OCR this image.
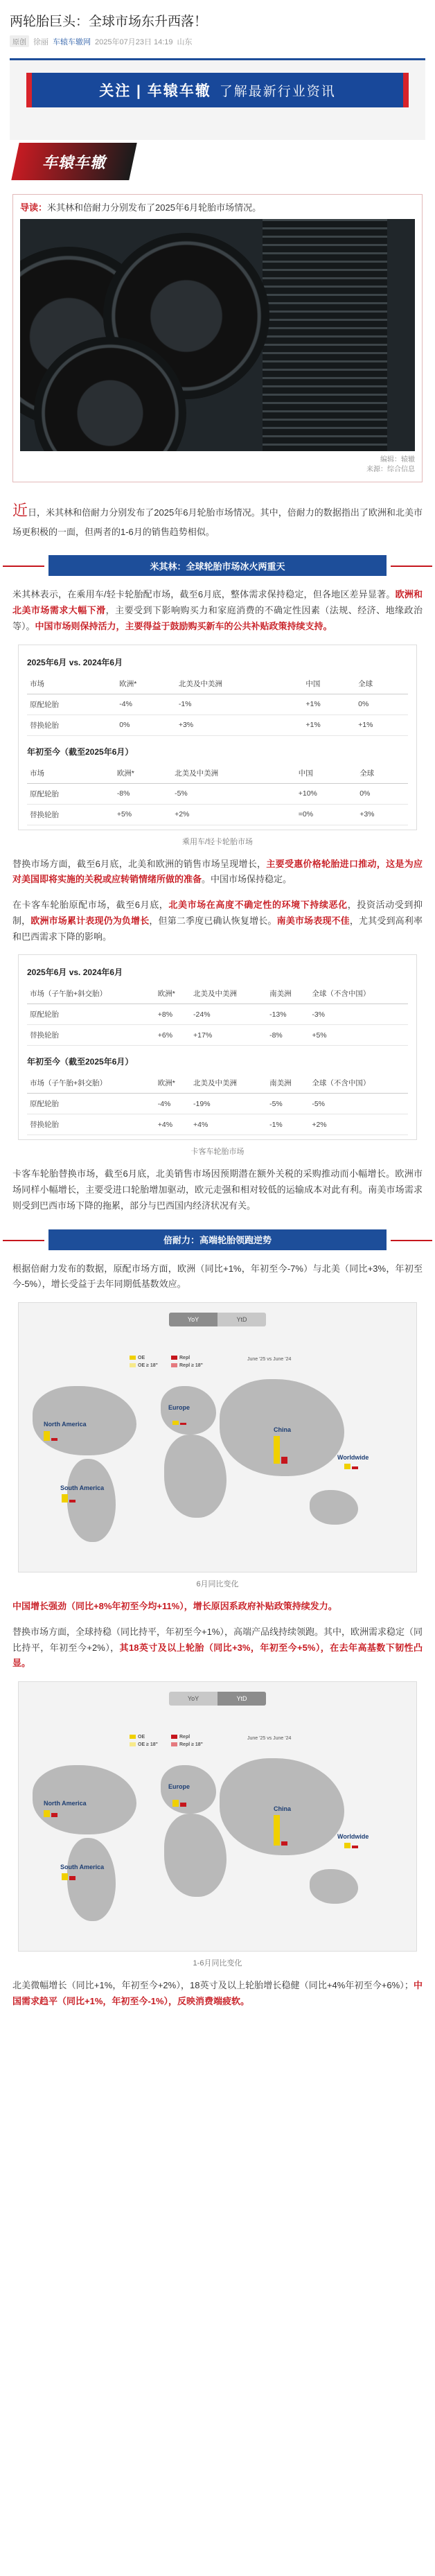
两轮胎巨头：全球市场东升西落！
原创 徐丽 车辕车辙网 2025年07月23日 14:19 山东
关注 | 车辕车辙 了解最新行业资讯
车辕车辙

导读：米其林和倍耐力分别发布了2025年6月轮胎市场情况。

编辑：辕辙
来源：综合信息

近日，米其林和倍耐力分别发布了2025年6月轮胎市场情况。其中，倍耐力的数据指出了欧洲和北美市场更积极的一面，但两者的1-6月的销售趋势相似。

米其林：全球轮胎市场冰火两重天

米其林表示，在乘用车/轻卡轮胎配市场，截至6月底，整体需求保持稳定，但各地区差异显著。欧洲和北美市场需求大幅下滑，主要受到下影响购买力和家庭消费的不确定性因素（法规、经济、地缘政治等）。中国市场则保持活力，主要得益于鼓励购买新车的公共补贴政策持续支持。

2025年6月 vs. 2024年6月
市场	欧洲*	北美及中美洲	中国	全球
原配轮胎	-4%	-1%	+1%	0%
替换轮胎	0%	+3%	+1%	+1%
年初至今（截至2025年6月）
市场	欧洲*	北美及中美洲	中国	全球
原配轮胎	-8%	-5%	+10%	0%
替换轮胎	+5%	+2%	=0%	+3%
乘用车/轻卡轮胎市场

替换市场方面，截至6月底，北美和欧洲的销售市场呈现增长，主要受惠价格轮胎进口推动，这是为应对美国即将实施的关税或应转销情绪所做的准备。中国市场保持稳定。

在卡客车轮胎原配市场，截至6月底，北美市场在高度不确定性的环境下持续恶化，投资活动受到抑制，欧洲市场累计表现仍为负增长，但第二季度已确认恢复增长。南美市场表现不佳，尤其受到高利率和巴西需求下降的影响。

2025年6月 vs. 2024年6月
市场（子午胎+斜交胎）	欧洲*	北美及中美洲	南美洲	全球（不含中国）
原配轮胎	+8%	-24%	-13%	-3%
替换轮胎	+6%	+17%	-8%	+5%
年初至今（截至2025年6月）
市场（子午胎+斜交胎）	欧洲*	北美及中美洲	南美洲	全球（不含中国）
原配轮胎	-4%	-19%	-5%	-5%
替换轮胎	+4%	+4%	-1%	+2%
卡客车轮胎市场

卡客车轮胎替换市场，截至6月底，北美销售市场因预期潜在额外关税的采购推动而小幅增长。欧洲市场同样小幅增长，主要受进口轮胎增加驱动，欧元走强和相对较低的运输成本对此有利。南美市场需求则受到巴西市场下降的拖累，部分与巴西国内经济状况有关。

倍耐力：高端轮胎领跑逆势

根据倍耐力发布的数据，原配市场方面，欧洲（同比+1%，年初至今-7%）与北美（同比+3%，年初至今-5%），增长受益于去年同期低基数效应。

YoY	YtD
OE	Repl
OE ≥ 18"	Repl ≥ 18"
June '25 vs June '24
Europe
North America
China
Worldwide
South America
6月同比变化

中国增长强劲（同比+8%年初至今均+11%），增长原因系政府补贴政策持续发力。

替换市场方面，全球持稳（同比持平，年初至今+1%），高端产品线持续领跑。其中，欧洲需求稳定（同比持平，年初至今+2%），其18英寸及以上轮胎（同比+3%，年初至今+5%），在去年高基数下韧性凸显。

YoY	YtD
OE	Repl
OE ≥ 18"	Repl ≥ 18"
June '25 vs June '24
Europe
North America
China
Worldwide
South America
1-6月同比变化

北美微幅增长（同比+1%，年初至今+2%），18英寸及以上轮胎增长稳健（同比+4%年初至今+6%）；中国需求趋平（同比+1%，年初至今-1%），反映消费端疲软。
